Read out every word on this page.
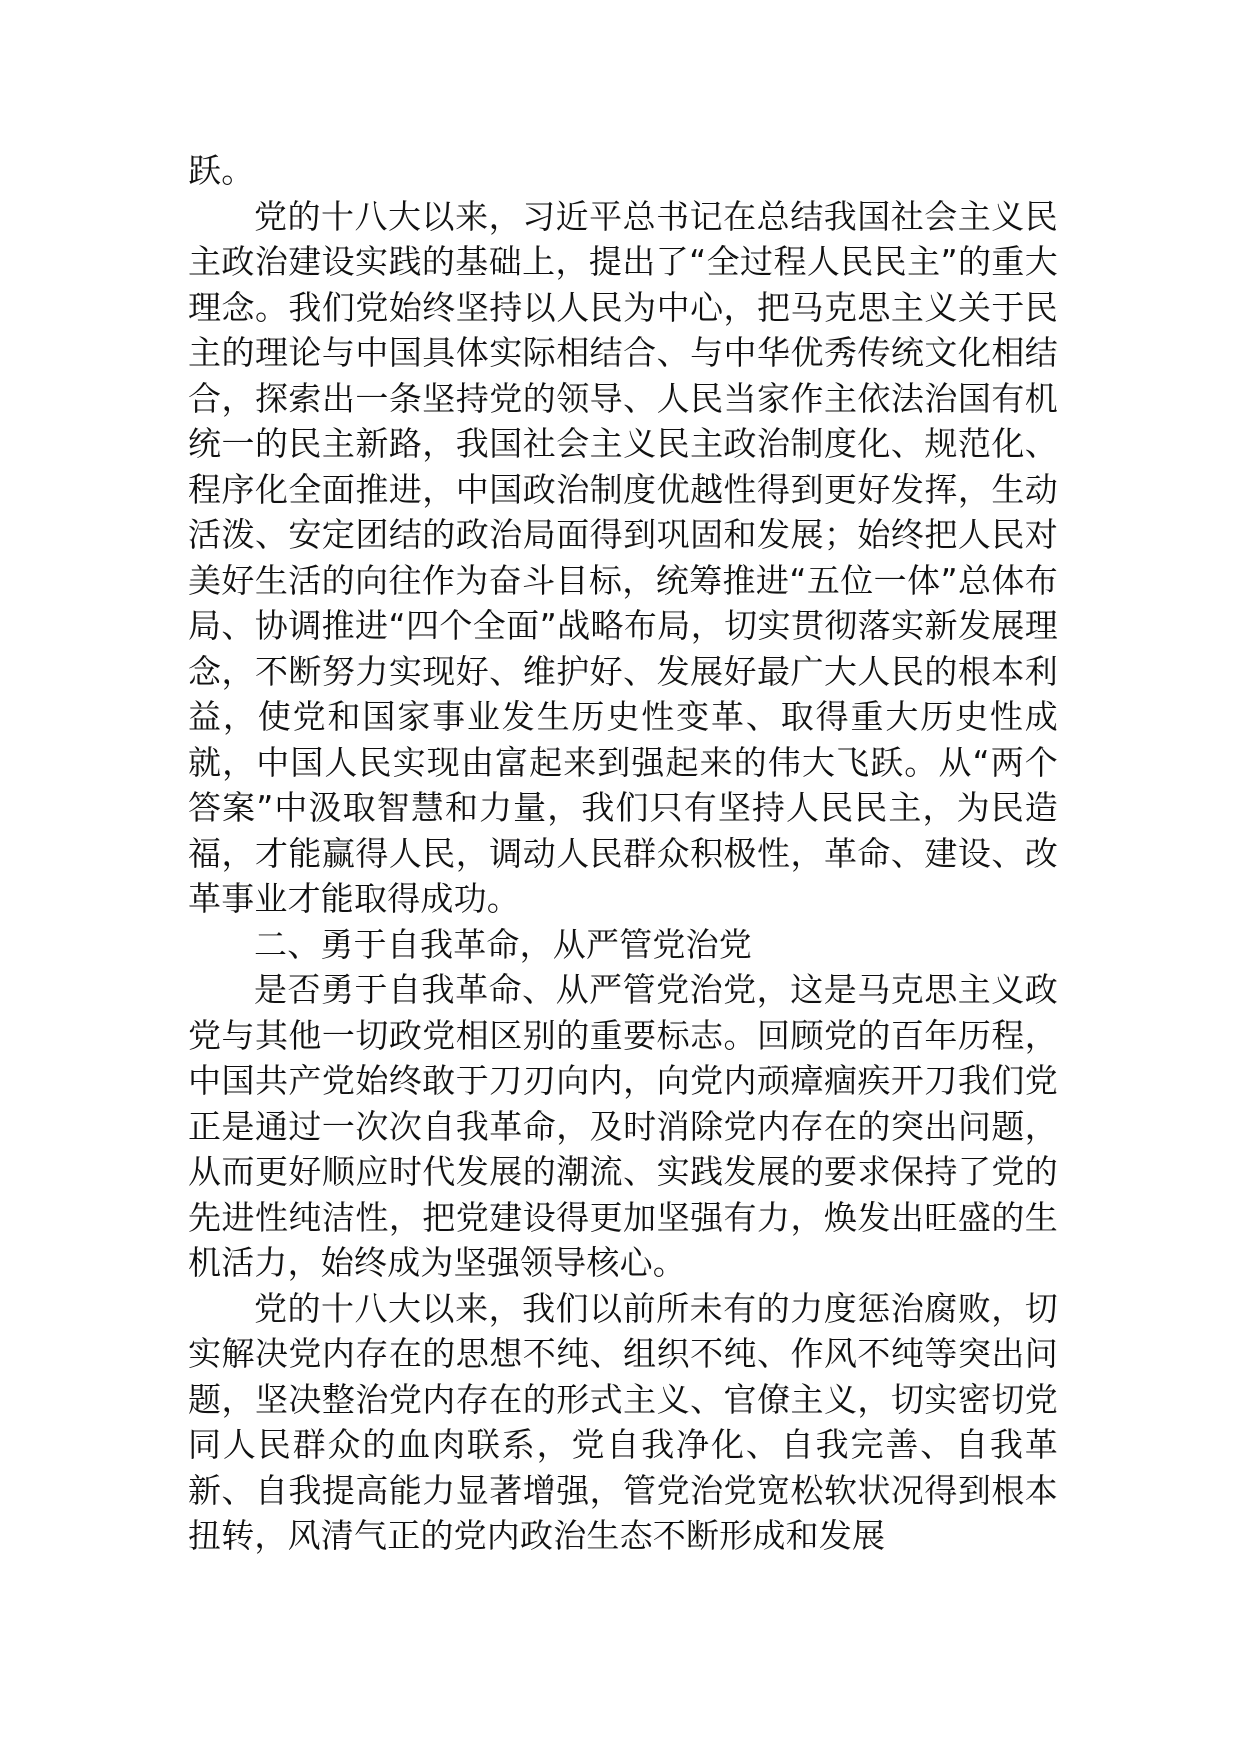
跃。

党的十八大以来，习近平总书记在总结我国社会主义民主政治建设实践的基础上，提出了“全过程人民民主”的重大理念。我们党始终坚持以人民为中心，把马克思主义关于民主的理论与中国具体实际相结合、与中华优秀传统文化相结合，探索出一条坚持党的领导、人民当家作主依法治国有机统一的民主新路，我国社会主义民主政治制度化、规范化、程序化全面推进，中国政治制度优越性得到更好发挥，生动活泼、安定团结的政治局面得到巩固和发展；始终把人民对美好生活的向往作为奋斗目标，统筹推进“五位一体”总体布局、协调推进“四个全面”战略布局，切实贯彻落实新发展理念，不断努力实现好、维护好、发展好最广大人民的根本利益，使党和国家事业发生历史性变革、取得重大历史性成就，中国人民实现由富起来到强起来的伟大飞跃。从“两个答案”中汲取智慧和力量，我们只有坚持人民民主，为民造福，才能赢得人民，调动人民群众积极性，革命、建设、改革事业才能取得成功。

二、勇于自我革命，从严管党治党

是否勇于自我革命、从严管党治党，这是马克思主义政党与其他一切政党相区别的重要标志。回顾党的百年历程，中国共产党始终敢于刀刃向内，向党内顽瘴痼疾开刀我们党正是通过一次次自我革命，及时消除党内存在的突出问题，从而更好顺应时代发展的潮流、实践发展的要求保持了党的先进性纯洁性，把党建设得更加坚强有力，焕发出旺盛的生机活力，始终成为坚强领导核心。

党的十八大以来，我们以前所未有的力度惩治腐败，切实解决党内存在的思想不纯、组织不纯、作风不纯等突出问题，坚决整治党内存在的形式主义、官僚主义，切实密切党同人民群众的血肉联系，党自我净化、自我完善、自我革新、自我提高能力显著增强，管党治党宽松软状况得到根本扭转，风清气正的党内政治生态不断形成和发展
